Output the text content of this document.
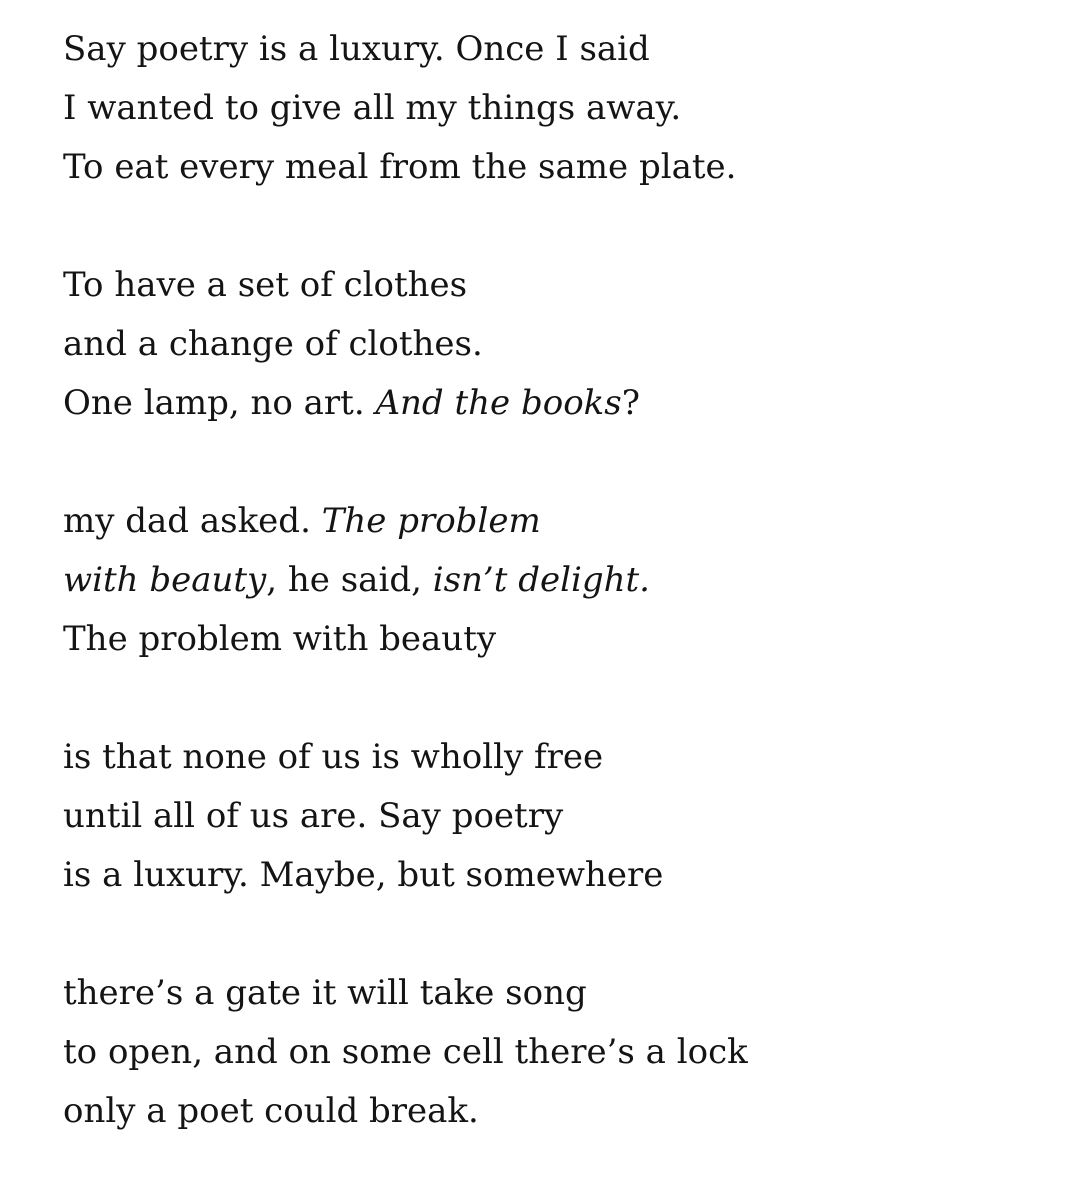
Say poetry is a luxury. Once I said
I wanted to give all my things away.
To eat every meal from the same plate.
To have a set of clothes
and a change of clothes.
One lamp, no art. And the books?
my dad asked. The problem
with beauty, he said, isn’t delight.
The problem with beauty
is that none of us is wholly free
until all of us are. Say poetry
is a luxury. Maybe, but somewhere
there’s a gate it will take song
to open, and on some cell there’s a lock
only a poet could break.
